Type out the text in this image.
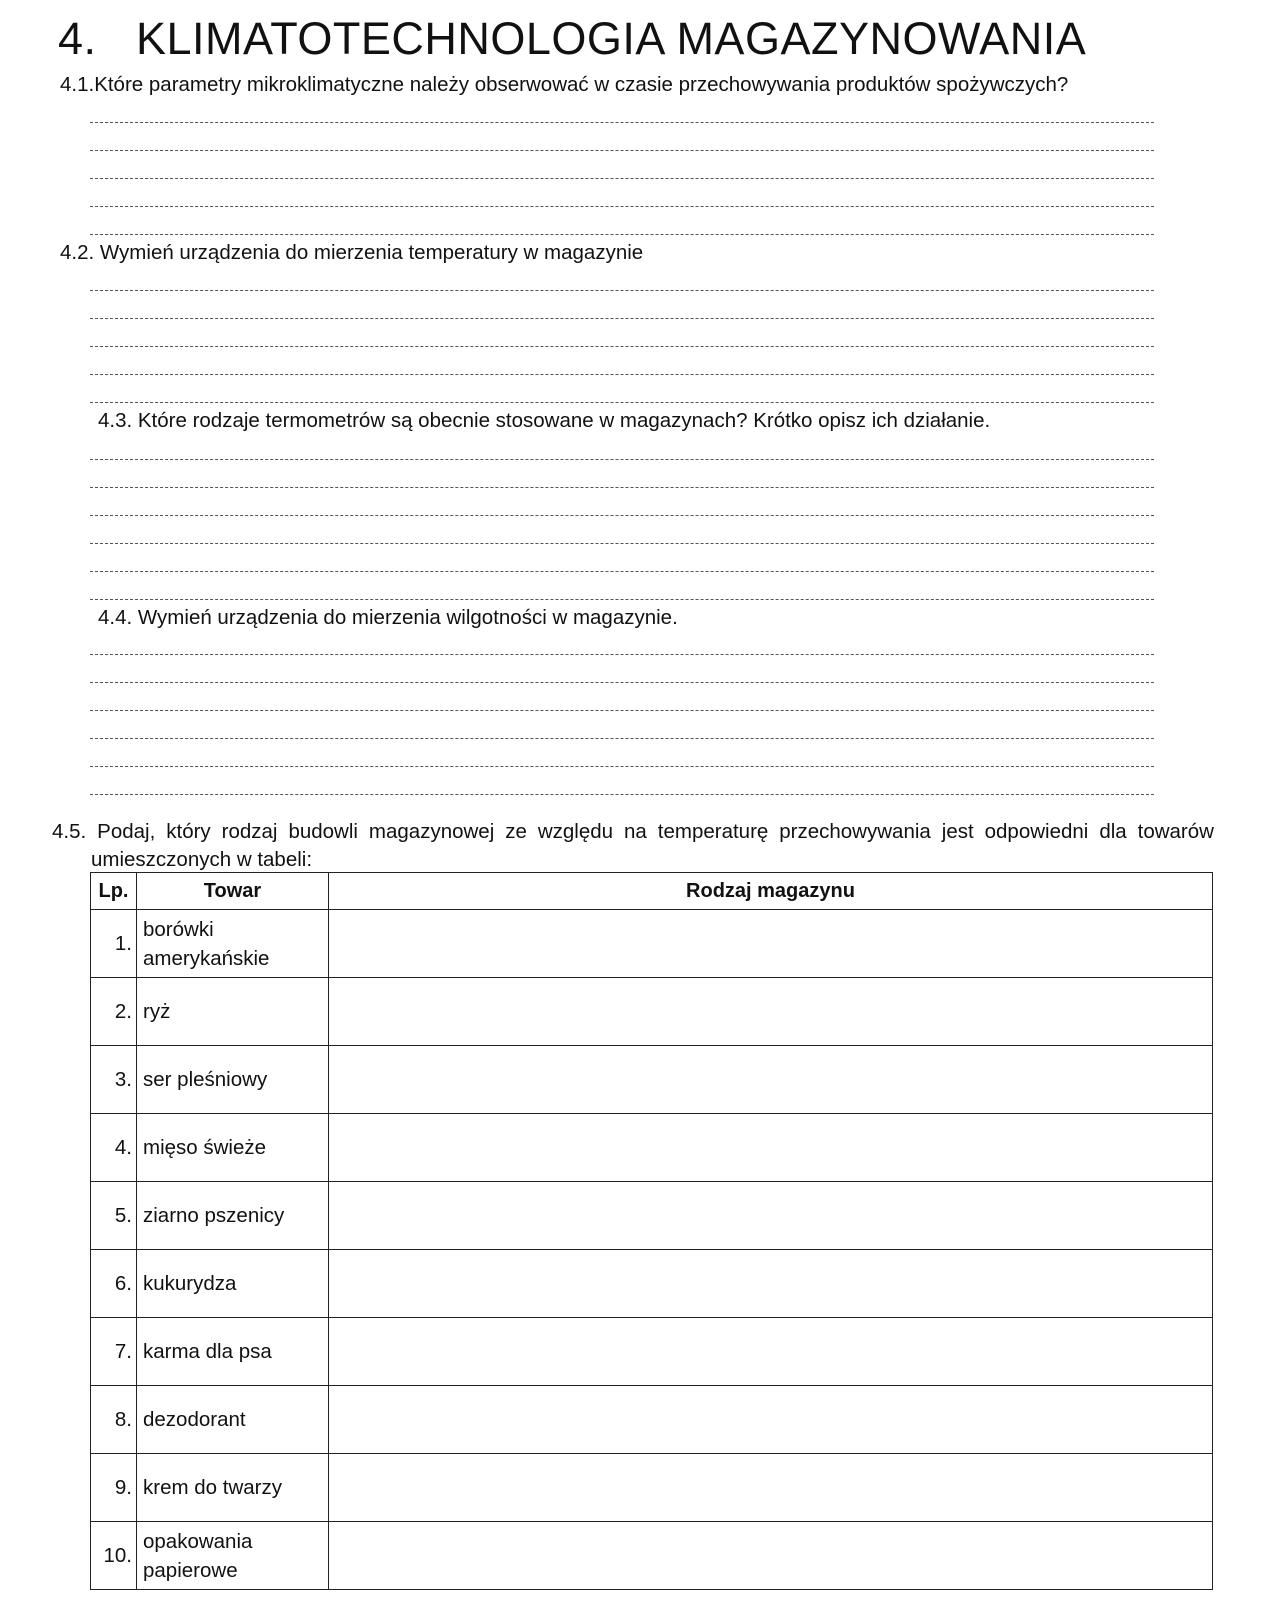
4. KLIMATOTECHNOLOGIA MAGAZYNOWANIA
4.1.Które parametry mikroklimatyczne należy obserwować w czasie przechowywania produktów spożywczych?
4.2. Wymień urządzenia do mierzenia temperatury w magazynie
4.3. Które rodzaje termometrów są obecnie stosowane w magazynach? Krótko opisz ich działanie.
4.4. Wymień urządzenia do mierzenia wilgotności w magazynie.
4.5. Podaj, który rodzaj budowli magazynowej ze względu na temperaturę przechowywania jest odpowiedni dla towarów
umieszczonych w tabeli:
Lp.	Towar	Rodzaj magazynu
1.	borówki amerykańskie	
2.	ryż	
3.	ser pleśniowy	
4.	mięso świeże	
5.	ziarno pszenicy	
6.	kukurydza	
7.	karma dla psa	
8.	dezodorant	
9.	krem do twarzy	
10.	opakowania papierowe	
